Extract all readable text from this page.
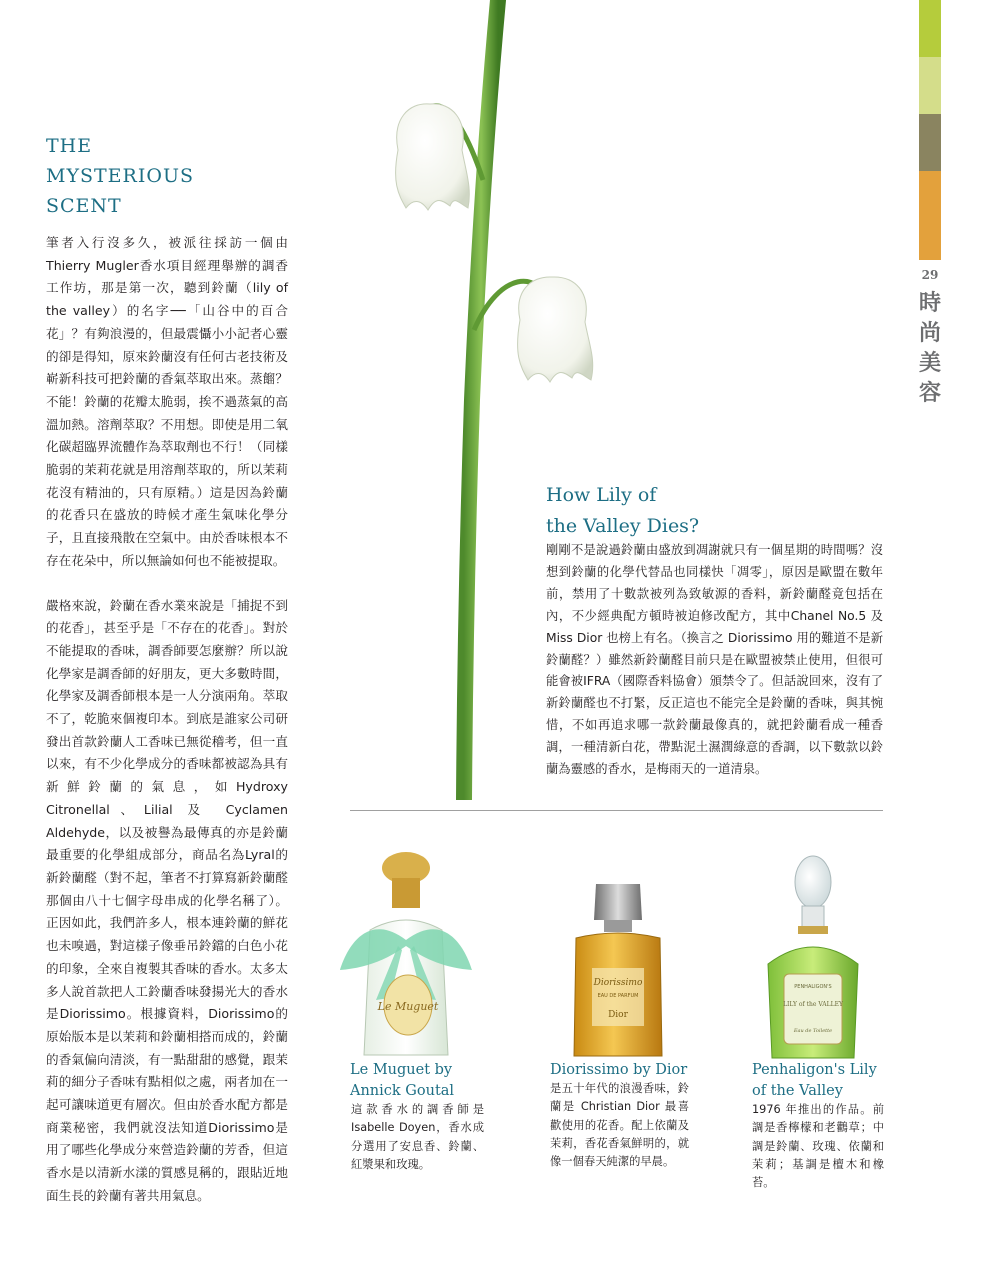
29
時
尚
美
容
THE
MYSTERIOUS
SCENT

筆者入行沒多久，被派往採訪一個由Thierry Mugler香水項目經理舉辦的調香工作坊，那是第一次，聽到鈴蘭（lily of the valley）的名字──「山谷中的百合花」？有夠浪漫的，但最震懾小小記者心靈的卻是得知，原來鈴蘭沒有任何古老技術及嶄新科技可把鈴蘭的香氣萃取出來。蒸餾？不能！鈴蘭的花瓣太脆弱，挨不過蒸氣的高溫加熱。溶劑萃取？不用想。即使是用二氧化碳超臨界流體作為萃取劑也不行！（同樣脆弱的茉莉花就是用溶劑萃取的，所以茉莉花沒有精油的，只有原精。）這是因為鈴蘭的花香只在盛放的時候才產生氣味化學分子，且直接飛散在空氣中。由於香味根本不存在花朵中，所以無論如何也不能被提取。

嚴格來說，鈴蘭在香水業來說是「捕捉不到的花香」，甚至乎是「不存在的花香」。對於不能提取的香味，調香師要怎麼辦？所以說化學家是調香師的好朋友，更大多數時間，化學家及調香師根本是一人分演兩角。萃取不了，乾脆來個複印本。到底是誰家公司研發出首款鈴蘭人工香味已無從稽考，但一直以來，有不少化學成分的香味都被認為具有新鮮鈴蘭的氣息，如Hydroxy Citronellal、Lilial 及 Cyclamen Aldehyde，以及被譽為最傳真的亦是鈴蘭最重要的化學組成部分，商品名為Lyral的新鈴蘭醛（對不起，筆者不打算寫新鈴蘭醛那個由八十七個字母串成的化學名稱了）。正因如此，我們許多人，根本連鈴蘭的鮮花也未嗅過，對這樣子像垂吊鈴鐺的白色小花的印象，全來自複製其香味的香水。太多太多人說首款把人工鈴蘭香味發揚光大的香水是Diorissimo。根據資料，Diorissimo的原始版本是以茉莉和鈴蘭相搭而成的，鈴蘭的香氣偏向清淡，有一點甜甜的感覺，跟茉莉的細分子香味有點相似之處，兩者加在一起可讓味道更有層次。但由於香水配方都是商業秘密，我們就沒法知道Diorissimo是用了哪些化學成分來營造鈴蘭的芳香，但這香水是以清新水漾的質感見稱的，跟貼近地面生長的鈴蘭有著共用氣息。

How Lily of
the Valley Dies?

剛剛不是說過鈴蘭由盛放到凋謝就只有一個星期的時間嗎？沒想到鈴蘭的化學代替品也同樣快「凋零」，原因是歐盟在數年前，禁用了十數款被列為致敏源的香料，新鈴蘭醛竟包括在內，不少經典配方頓時被迫修改配方，其中Chanel No.5 及 Miss Dior 也榜上有名。（換言之 Diorissimo 用的難道不是新鈴蘭醛？）雖然新鈴蘭醛目前只是在歐盟被禁止使用，但很可能會被IFRA（國際香料協會）頒禁令了。但話說回來，沒有了新鈴蘭醛也不打緊，反正這也不能完全是鈴蘭的香味，與其惋惜，不如再追求哪一款鈴蘭最像真的，就把鈴蘭看成一種香調，一種清新白花，帶點泥土濕潤綠意的香調，以下數款以鈴蘭為靈感的香水，是梅雨天的一道清泉。

Le Muguet
Le Muguet by
Annick Goutal

這款香水的調香師是Isabelle Doyen，香水成分選用了安息香、鈴蘭、紅漿果和玫瑰。

Diorissimo
EAU DE PARFUM
Dior
Diorissimo by Dior

是五十年代的浪漫香味，鈴蘭是 Christian Dior 最喜歡使用的花香。配上依蘭及茉莉，香花香氣鮮明的，就像一個春天純潔的早晨。

PENHALIGON'S
LILY of the VALLEY
Eau de Toilette
Penhaligon's Lily
of the Valley

1976 年推出的作品。前調是香檸檬和老鸛草；中調是鈴蘭、玫瑰、依蘭和茉莉；基調是檀木和橡苔。
